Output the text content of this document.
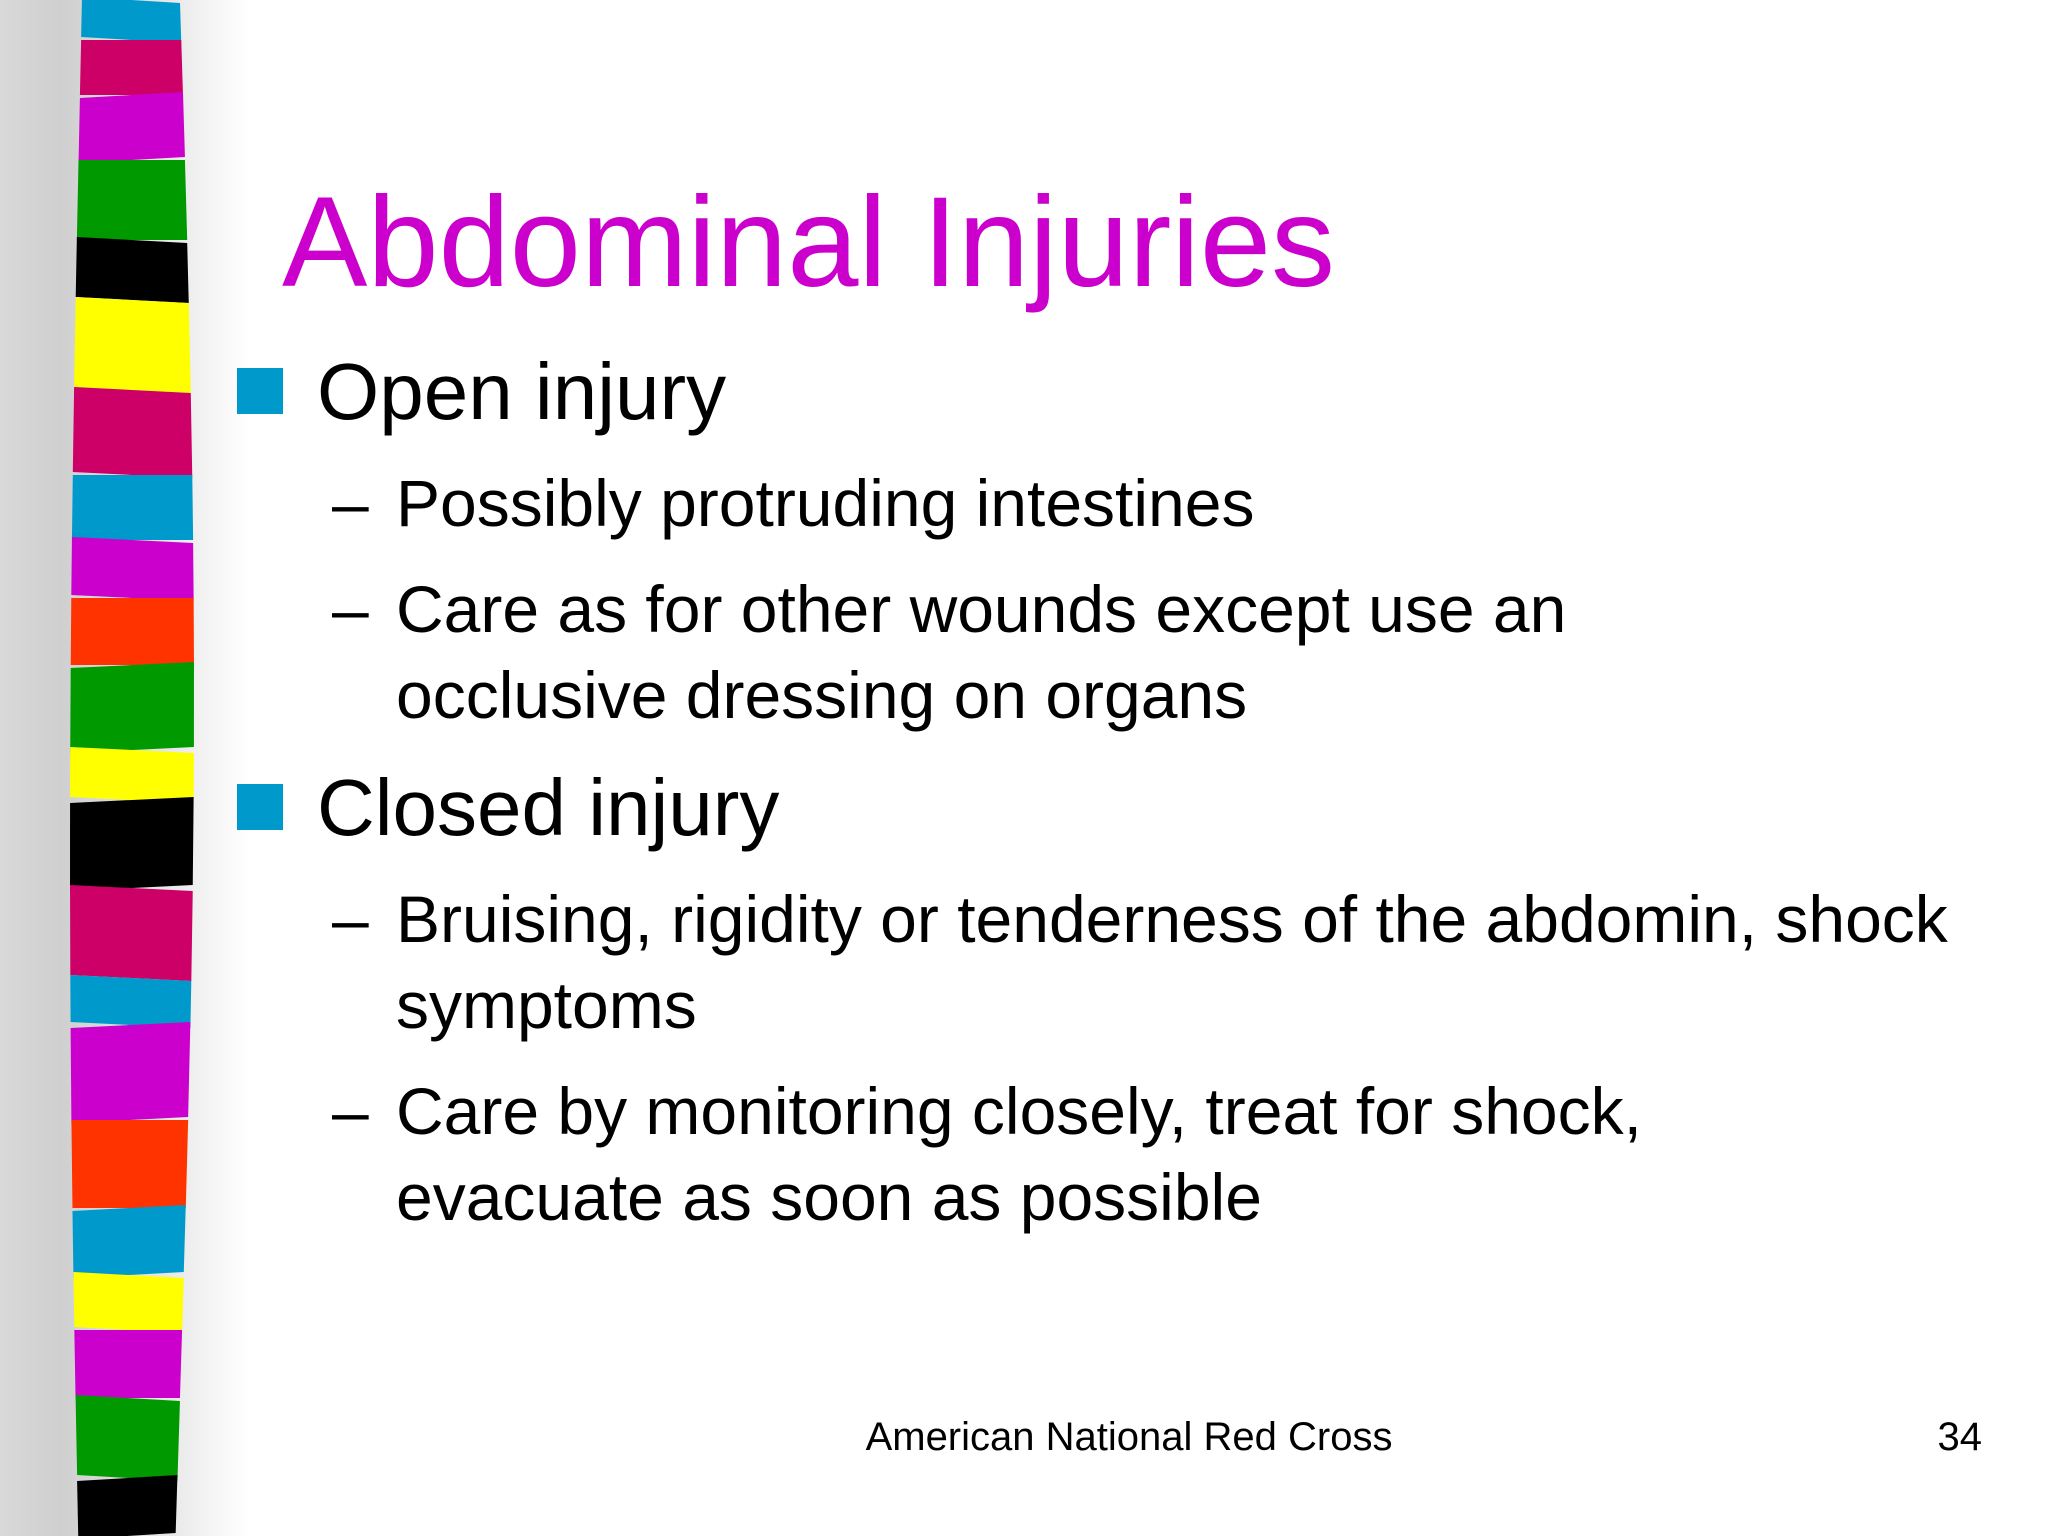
Abdominal Injuries
Open injury
– Possibly protruding intestines
– Care as for other wounds except use an occlusive dressing on organs
Closed injury
– Bruising, rigidity or tenderness of the abdomin, shock symptoms
– Care by monitoring closely, treat for shock, evacuate as soon as possible
American National Red Cross	34
